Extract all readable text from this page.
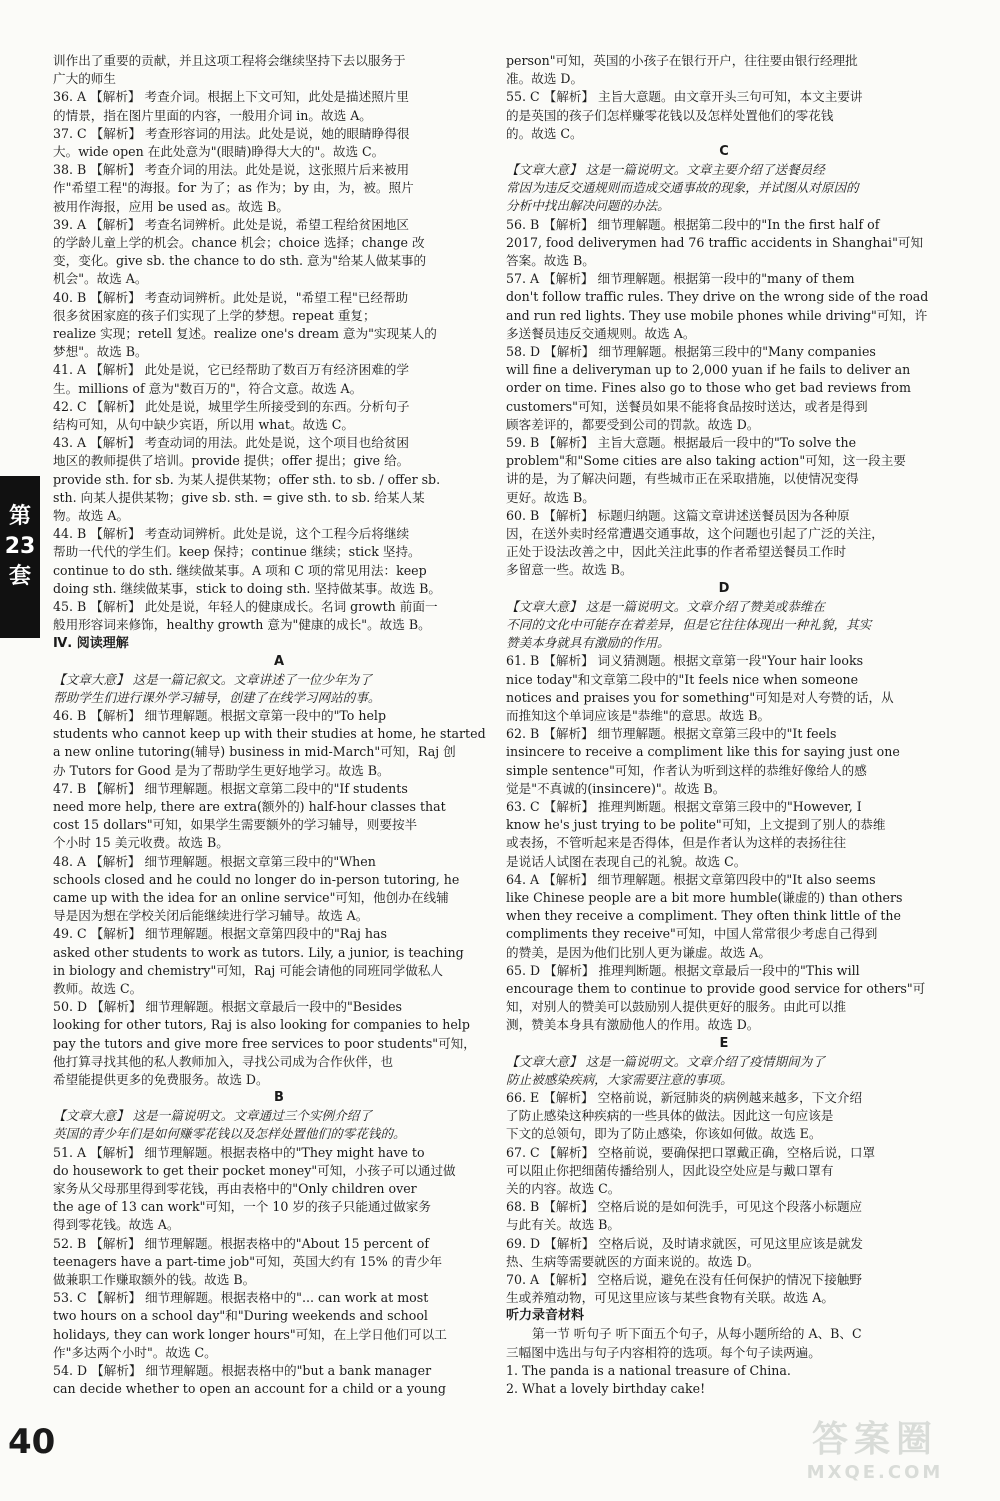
第23套
训作出了重要的贡献，并且这项工程将会继续坚持下去以服务于
广大的师生
36. A 【解析】 考查介词。根据上下文可知，此处是描述照片里
的情景，指在图片里面的内容，一般用介词 in。故选 A。
37. C 【解析】 考查形容词的用法。此处是说，她的眼睛睁得很
大。wide open 在此处意为"(眼睛)睁得大大的"。故选 C。
38. B 【解析】 考查介词的用法。此处是说，这张照片后来被用
作"希望工程"的海报。for 为了；as 作为；by 由，为，被。照片
被用作海报，应用 be used as。故选 B。
39. A 【解析】 考查名词辨析。此处是说，希望工程给贫困地区
的学龄儿童上学的机会。chance 机会；choice 选择；change 改
变，变化。give sb. the chance to do sth. 意为"给某人做某事的
机会"。故选 A。
40. B 【解析】 考查动词辨析。此处是说，"希望工程"已经帮助
很多贫困家庭的孩子们实现了上学的梦想。repeat 重复；
realize 实现；retell 复述。realize one's dream 意为"实现某人的
梦想"。故选 B。
41. A 【解析】 此处是说，它已经帮助了数百万有经济困难的学
生。millions of 意为"数百万的"，符合文意。故选 A。
42. C 【解析】 此处是说，城里学生所接受到的东西。分析句子
结构可知，从句中缺少宾语，所以用 what。故选 C。
43. A 【解析】 考查动词的用法。此处是说，这个项目也给贫困
地区的教师提供了培训。provide 提供；offer 提出；give 给。
provide sth. for sb. 为某人提供某物；offer sth. to sb. / offer sb.
sth. 向某人提供某物；give sb. sth. = give sth. to sb. 给某人某
物。故选 A。
44. B 【解析】 考查动词辨析。此处是说，这个工程今后将继续
帮助一代代的学生们。keep 保持；continue 继续；stick 坚持。
continue to do sth. 继续做某事。A 项和 C 项的常见用法：keep
doing sth. 继续做某事，stick to doing sth. 坚持做某事。故选 B。
45. B 【解析】 此处是说，年轻人的健康成长。名词 growth 前面一
般用形容词来修饰，healthy growth 意为"健康的成长"。故选 B。
Ⅳ. 阅读理解
A
【文章大意】 这是一篇记叙文。文章讲述了一位少年为了
帮助学生们进行课外学习辅导，创建了在线学习网站的事。
46. B 【解析】 细节理解题。根据文章第一段中的"To help
students who cannot keep up with their studies at home, he started
a new online tutoring(辅导) business in mid-March"可知，Raj 创
办 Tutors for Good 是为了帮助学生更好地学习。故选 B。
47. B 【解析】 细节理解题。根据文章第二段中的"If students
need more help, there are extra(额外的) half-hour classes that
cost 15 dollars"可知，如果学生需要额外的学习辅导，则要按半
个小时 15 美元收费。故选 B。
48. A 【解析】 细节理解题。根据文章第三段中的"When
schools closed and he could no longer do in-person tutoring, he
came up with the idea for an online service"可知，他创办在线辅
导是因为想在学校关闭后能继续进行学习辅导。故选 A。
49. C 【解析】 细节理解题。根据文章第四段中的"Raj has
asked other students to work as tutors. Lily, a junior, is teaching
in biology and chemistry"可知，Raj 可能会请他的同班同学做私人
教师。故选 C。
50. D 【解析】 细节理解题。根据文章最后一段中的"Besides
looking for other tutors, Raj is also looking for companies to help
pay the tutors and give more free services to poor students"可知，
他打算寻找其他的私人教师加入，寻找公司成为合作伙伴，也
希望能提供更多的免费服务。故选 D。
B
【文章大意】 这是一篇说明文。文章通过三个实例介绍了
英国的青少年们是如何赚零花钱以及怎样处置他们的零花钱的。
51. A 【解析】 细节理解题。根据表格中的"They might have to
do housework to get their pocket money"可知，小孩子可以通过做
家务从父母那里得到零花钱，再由表格中的"Only children over
the age of 13 can work"可知，一个 10 岁的孩子只能通过做家务
得到零花钱。故选 A。
52. B 【解析】 细节理解题。根据表格中的"About 15 percent of
teenagers have a part-time job"可知，英国大约有 15% 的青少年
做兼职工作赚取额外的钱。故选 B。
53. C 【解析】 细节理解题。根据表格中的"... can work at most
two hours on a school day"和"During weekends and school
holidays, they can work longer hours"可知，在上学日他们可以工
作"多达两个小时"。故选 C。
54. D 【解析】 细节理解题。根据表格中的"but a bank manager
can decide whether to open an account for a child or a young
person"可知，英国的小孩子在银行开户，往往要由银行经理批
准。故选 D。
55. C 【解析】 主旨大意题。由文章开头三句可知，本文主要讲
的是英国的孩子们怎样赚零花钱以及怎样处置他们的零花钱
的。故选 C。
C
【文章大意】 这是一篇说明文。文章主要介绍了送餐员经
常因为违反交通规则而造成交通事故的现象，并试图从对原因的
分析中找出解决问题的办法。
56. B 【解析】 细节理解题。根据第二段中的"In the first half of
2017, food deliverymen had 76 traffic accidents in Shanghai"可知
答案。故选 B。
57. A 【解析】 细节理解题。根据第一段中的"many of them
don't follow traffic rules. They drive on the wrong side of the road
and run red lights. They use mobile phones while driving"可知，许
多送餐员违反交通规则。故选 A。
58. D 【解析】 细节理解题。根据第三段中的"Many companies
will fine a deliveryman up to 2,000 yuan if he fails to deliver an
order on time. Fines also go to those who get bad reviews from
customers"可知，送餐员如果不能将食品按时送达，或者是得到
顾客差评的，都要受到公司的罚款。故选 D。
59. B 【解析】 主旨大意题。根据最后一段中的"To solve the
problem"和"Some cities are also taking action"可知，这一段主要
讲的是，为了解决问题，有些城市正在采取措施，以使情况变得
更好。故选 B。
60. B 【解析】 标题归纳题。这篇文章讲述送餐员因为各种原
因，在送外卖时经常遭遇交通事故，这个问题也引起了广泛的关注，
正处于设法改善之中，因此关注此事的作者希望送餐员工作时
多留意一些。故选 B。
D
【文章大意】 这是一篇说明文。文章介绍了赞美或恭维在
不同的文化中可能存在着差异，但是它往往体现出一种礼貌，其实
赞美本身就具有激励的作用。
61. B 【解析】 词义猜测题。根据文章第一段"Your hair looks
nice today"和文章第二段中的"It feels nice when someone
notices and praises you for something"可知是对人夸赞的话，从
而推知这个单词应该是"恭维"的意思。故选 B。
62. B 【解析】 细节理解题。根据文章第三段中的"It feels
insincere to receive a compliment like this for saying just one
simple sentence"可知，作者认为听到这样的恭维好像给人的感
觉是"不真诚的(insincere)"。故选 B。
63. C 【解析】 推理判断题。根据文章第三段中的"However, I
know he's just trying to be polite"可知，上文提到了别人的恭维
或表扬，不管听起来是否得体，但是作者认为这样的表扬往往
是说话人试图在表现自己的礼貌。故选 C。
64. A 【解析】 细节理解题。根据文章第四段中的"It also seems
like Chinese people are a bit more humble(谦虚的) than others
when they receive a compliment. They often think little of the
compliments they receive"可知，中国人常常很少考虑自己得到
的赞美，是因为他们比别人更为谦虚。故选 A。
65. D 【解析】 推理判断题。根据文章最后一段中的"This will
encourage them to continue to provide good service for others"可
知，对别人的赞美可以鼓励别人提供更好的服务。由此可以推
测，赞美本身具有激励他人的作用。故选 D。
E
【文章大意】 这是一篇说明文。文章介绍了疫情期间为了
防止被感染疾病，大家需要注意的事项。
66. E 【解析】 空格前说，新冠肺炎的病例越来越多，下文介绍
了防止感染这种疾病的一些具体的做法。因此这一句应该是
下文的总领句，即为了防止感染，你该如何做。故选 E。
67. C 【解析】 空格前说，要确保把口罩戴正确，空格后说，口罩
可以阻止你把细菌传播给别人，因此设空处应是与戴口罩有
关的内容。故选 C。
68. B 【解析】 空格后说的是如何洗手，可见这个段落小标题应
与此有关。故选 B。
69. D 【解析】 空格后说，及时请求就医，可见这里应该是就发
热、生病等需要就医的方面来说的。故选 D。
70. A 【解析】 空格后说，避免在没有任何保护的情况下接触野
生或养殖动物，可见这里应该与某些食物有关联。故选 A。
听力录音材料
第一节 听句子 听下面五个句子，从每小题所给的 A、B、C
三幅图中选出与句子内容相符的选项。每个句子读两遍。
1. The panda is a national treasure of China.
2. What a lovely birthday cake!
40	答案圈
MXQE.COM
